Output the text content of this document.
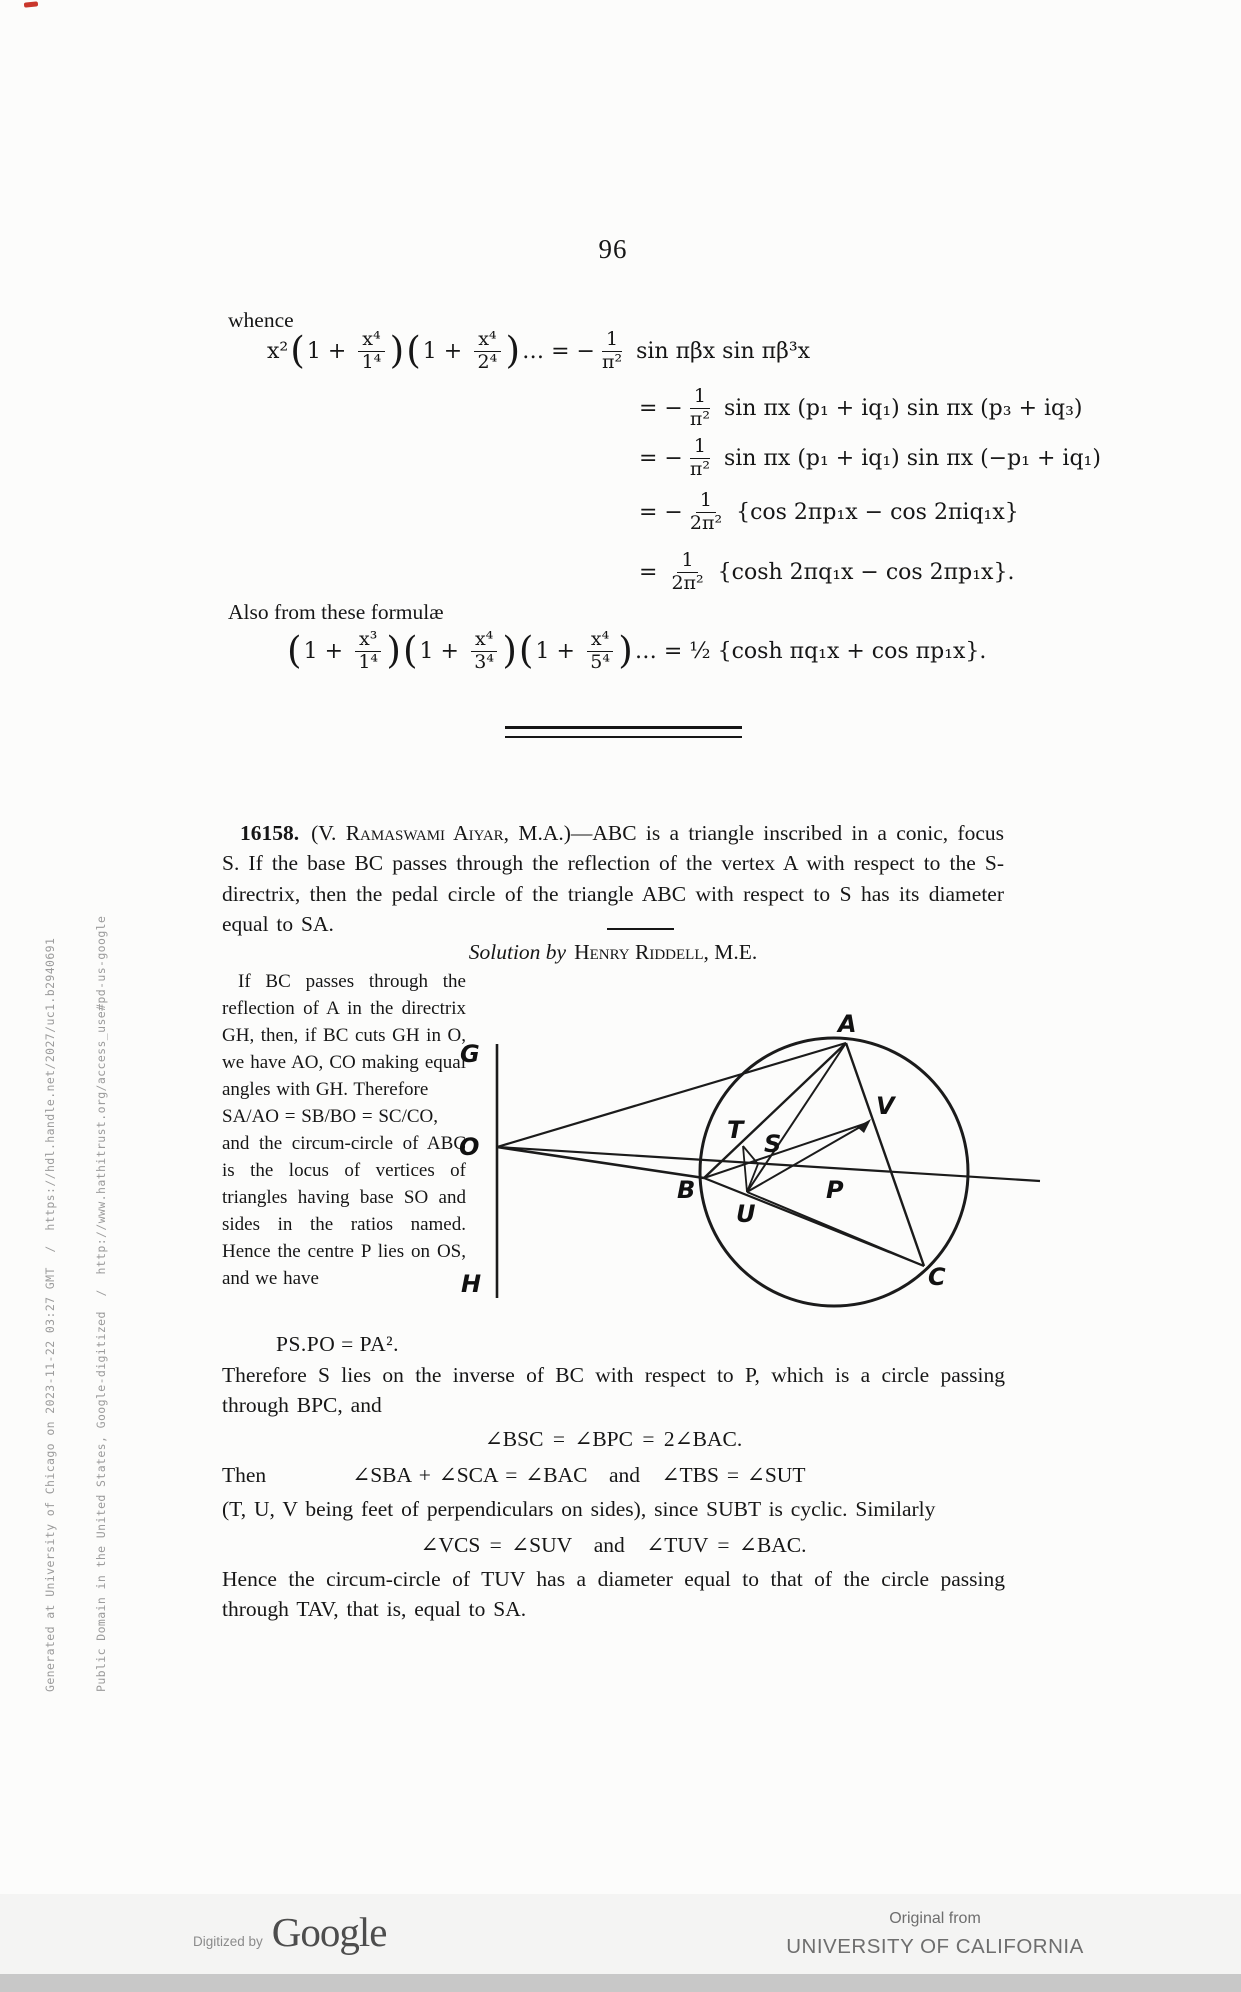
Generated at University of Chicago on 2023-11-22 03:27 GMT  /  https://hdl.handle.net/2027/uc1.b2940691

	Public Domain in the United States, Google-digitized  /  http://www.hathitrust.org/access_use#pd-us-google

96
whence
x² ( $1 + \frac{\text{x⁴}}{\text{1⁴}}$ ) ( $1 + \frac{\text{x⁴}}{\text{2⁴}}$ ) … = − $\frac{1}{\text{π²}}$ sin πβx sin πβ³x
= − $\frac{1}{\text{π²}}$ sin πx (p₁ + iq₁) sin πx (p₃ + iq₃)
= − $\frac{1}{\text{π²}}$ sin πx (p₁ + iq₁) sin πx (−p₁ + iq₁)
= − $\frac{1}{\text{2π²}} \{\cos$ 2πp₁x − cos 2πiq₁x}
= $\frac{1}{\text{2π²}} \{\cosh$ 2πq₁x − cos 2πp₁x}.
Also from these formulæ
( $1 + \frac{\text{x³}}{\text{1⁴}}$ ) ( $1 + \frac{\text{x⁴}}{\text{3⁴}}$ ) ( $1 + \frac{\text{x⁴}}{\text{5⁴}}$ ) … = ½ {cosh πq₁x + cos πp₁x}.

16158. (V. Ramaswami Aiyar, M.A.)—ABC is a triangle inscribed in a conic, focus S. If the base BC passes through the reflection of the vertex A with respect to the S-directrix, then the pedal circle of the triangle ABC with respect to S has its diameter equal to SA.

Solution by Henry Riddell, M.E.

If BC passes through the reflection of A in the directrix GH, then, if BC cuts GH in O, we have AO, CO making equal angles with GH. Therefore

SA/AO = SB/BO = SC/CO,

and the circum-circle of ABC is the locus of vertices of triangles having base SO and sides in the ratios named. Hence the centre P lies on OS, and we have

PS.PO = PA².
G
O
H
A
V
T S
B
U
P
C

Therefore S lies on the inverse of BC with respect to P, which is a circle passing through BPC, and

∠BSC = ∠BPC = 2∠BAC.
Then	∠SBA + ∠SCA = ∠BAC and ∠TBS = ∠SUT

(T, U, V being feet of perpendiculars on sides), since SUBT is cyclic. Similarly

∠VCS = ∠SUV and ∠TUV = ∠BAC.

Hence the circum-circle of TUV has a diameter equal to that of the circle passing through TAV, that is, equal to SA.

Digitized by Google	Original from
UNIVERSITY OF CALIFORNIA
